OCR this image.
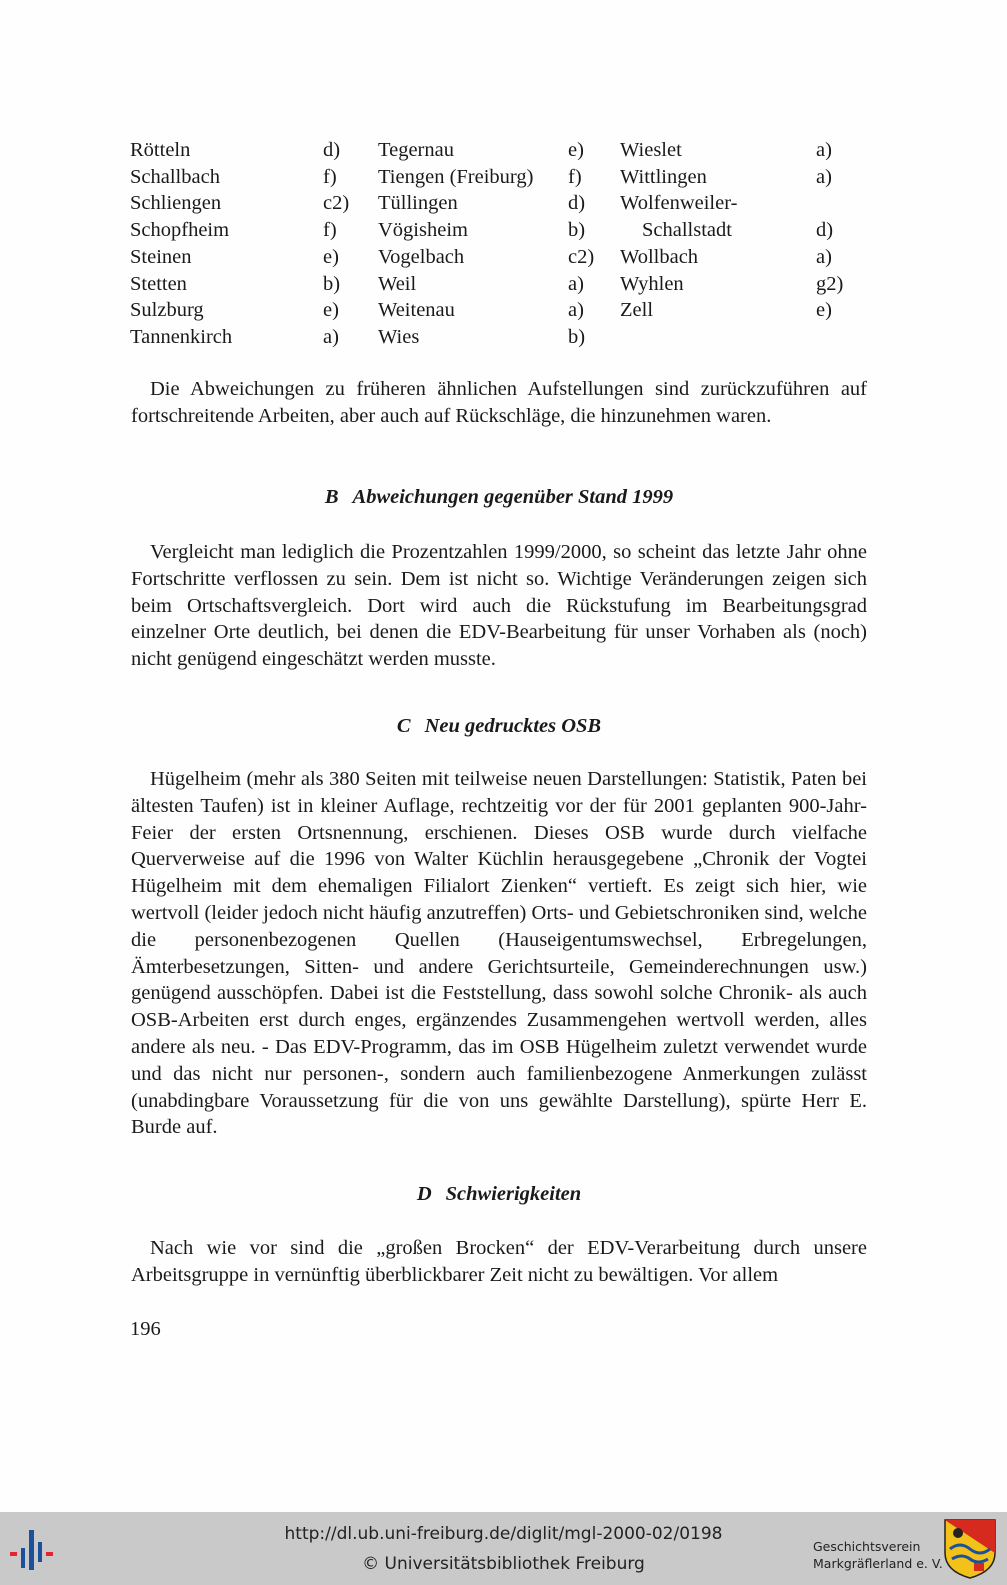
Rötteln	d) Tegernau	e) Wieslet	a)
Schallbach	f) Tiengen (Freiburg) f) Wittlingen	a)
Schliengen	c2) Tüllingen	d) Wolfenweiler-
Schopfheim	f) Vögisheim	b)	Schallstadt	d)
Steinen	e) Vogelbach	c2) Wollbach	a)
Stetten	b) Weil	a) Wyhlen	g2)
Sulzburg	e) Weitenau	a) Zell	e)
Tannenkirch	a) Wies	b)

Die Abweichungen zu früheren ähnlichen Aufstellungen sind zurückzuführen auf fortschreitende Arbeiten, aber auch auf Rückschläge, die hinzunehmen waren.

B Abweichungen gegenüber Stand 1999

Vergleicht man lediglich die Prozentzahlen 1999/2000, so scheint das letzte Jahr ohne Fortschritte verflossen zu sein. Dem ist nicht so. Wichtige Veränderungen zeigen sich beim Ortschaftsvergleich. Dort wird auch die Rückstufung im Bearbeitungsgrad einzelner Orte deutlich, bei denen die EDV-Bearbeitung für unser Vorhaben als (noch) nicht genügend eingeschätzt werden musste.

C Neu gedrucktes OSB

Hügelheim (mehr als 380 Seiten mit teilweise neuen Darstellungen: Statistik, Paten bei ältesten Taufen) ist in kleiner Auflage, rechtzeitig vor der für 2001 geplanten 900-Jahr-Feier der ersten Ortsnennung, erschienen. Dieses OSB wurde durch vielfache Querverweise auf die 1996 von Walter Küchlin herausgegebene „Chronik der Vogtei Hügelheim mit dem ehemaligen Filialort Zienken“ vertieft. Es zeigt sich hier, wie wertvoll (leider jedoch nicht häufig anzutreffen) Orts- und Gebietschroniken sind, welche die personenbezogenen Quellen (Hauseigentumswechsel, Erbregelungen, Ämterbesetzungen, Sitten- und andere Gerichtsurteile, Gemeinderechnungen usw.) genügend ausschöpfen. Dabei ist die Feststellung, dass sowohl solche Chronik- als auch OSB-Arbeiten erst durch enges, ergänzendes Zusammengehen wertvoll werden, alles andere als neu. - Das EDV-Programm, das im OSB Hügelheim zuletzt verwendet wurde und das nicht nur personen-, sondern auch familienbezogene Anmerkungen zulässt (unabdingbare Voraussetzung für die von uns gewählte Darstellung), spürte Herr E. Burde auf.

D Schwierigkeiten

Nach wie vor sind die „großen Brocken“ der EDV-Verarbeitung durch unsere Arbeitsgruppe in vernünftig überblickbarer Zeit nicht zu bewältigen. Vor allem

196
http://dl.ub.uni-freiburg.de/diglit/mgl-2000-02/0198
© Universitätsbibliothek Freiburg
Geschichtsverein
Markgräflerland e. V.
